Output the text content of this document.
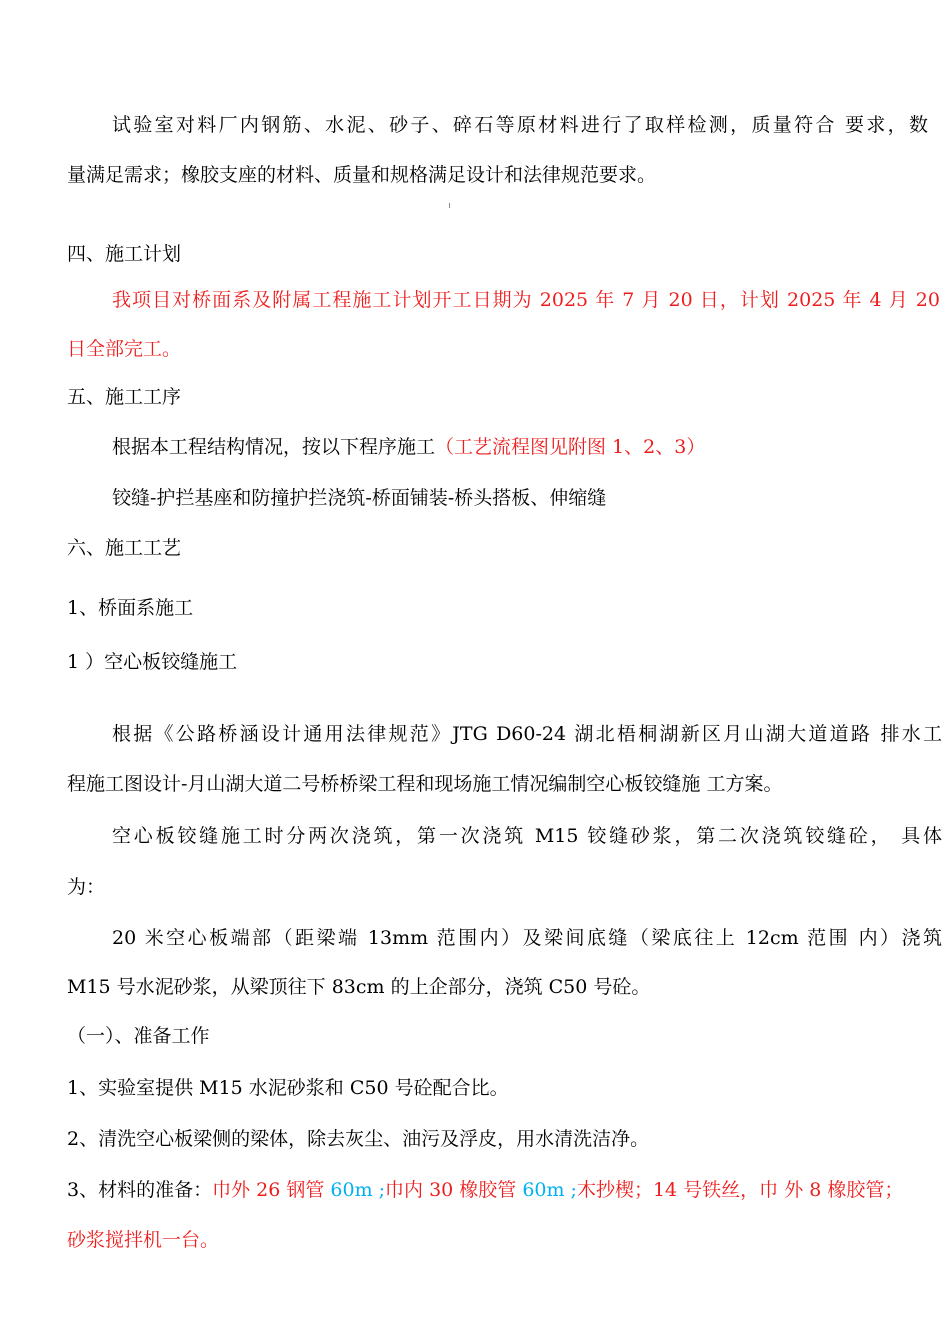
试验室对料厂内钢筋、水泥、砂子、碎石等原材料进行了取样检测，质量符合 要求，数
量满足需求；橡胶支座的材料、质量和规格满足设计和法律规范要求。
四、施工计划
我项目对桥面系及附属工程施工计划开工日期为 2025 年 7 月 20 日，计划 2025 年 4 月 20
日全部完工。
五、施工工序
根据本工程结构情况，按以下程序施工（工艺流程图见附图 1、2、3）
铰缝-护拦基座和防撞护拦浇筑-桥面铺装-桥头搭板、伸缩缝
六、施工工艺
1、桥面系施工
1 ）空心板铰缝施工
根据《公路桥涵设计通用法律规范》JTG D60-24 湖北梧桐湖新区月山湖大道道路 排水工
程施工图设计-月山湖大道二号桥桥梁工程和现场施工情况编制空心板铰缝施 工方案。
空心板铰缝施工时分两次浇筑，第一次浇筑 M15 铰缝砂浆，第二次浇筑铰缝砼， 具体
为：
20 米空心板端部（距梁端 13mm 范围内）及梁间底缝（梁底往上 12cm 范围 内）浇筑
M15 号水泥砂浆，从梁顶往下 83cm 的上企部分，浇筑 C50 号砼。
（一）、准备工作
1、实验室提供 M15 水泥砂浆和 C50 号砼配合比。
2、清洗空心板梁侧的梁体，除去灰尘、油污及浮皮，用水清洗洁净。
3、材料的准备：巾外 26 钢管 60m ;巾内 30 橡胶管 60m ;木抄楔；14 号铁丝，巾 外 8 橡胶管；
砂浆搅拌机一台。
